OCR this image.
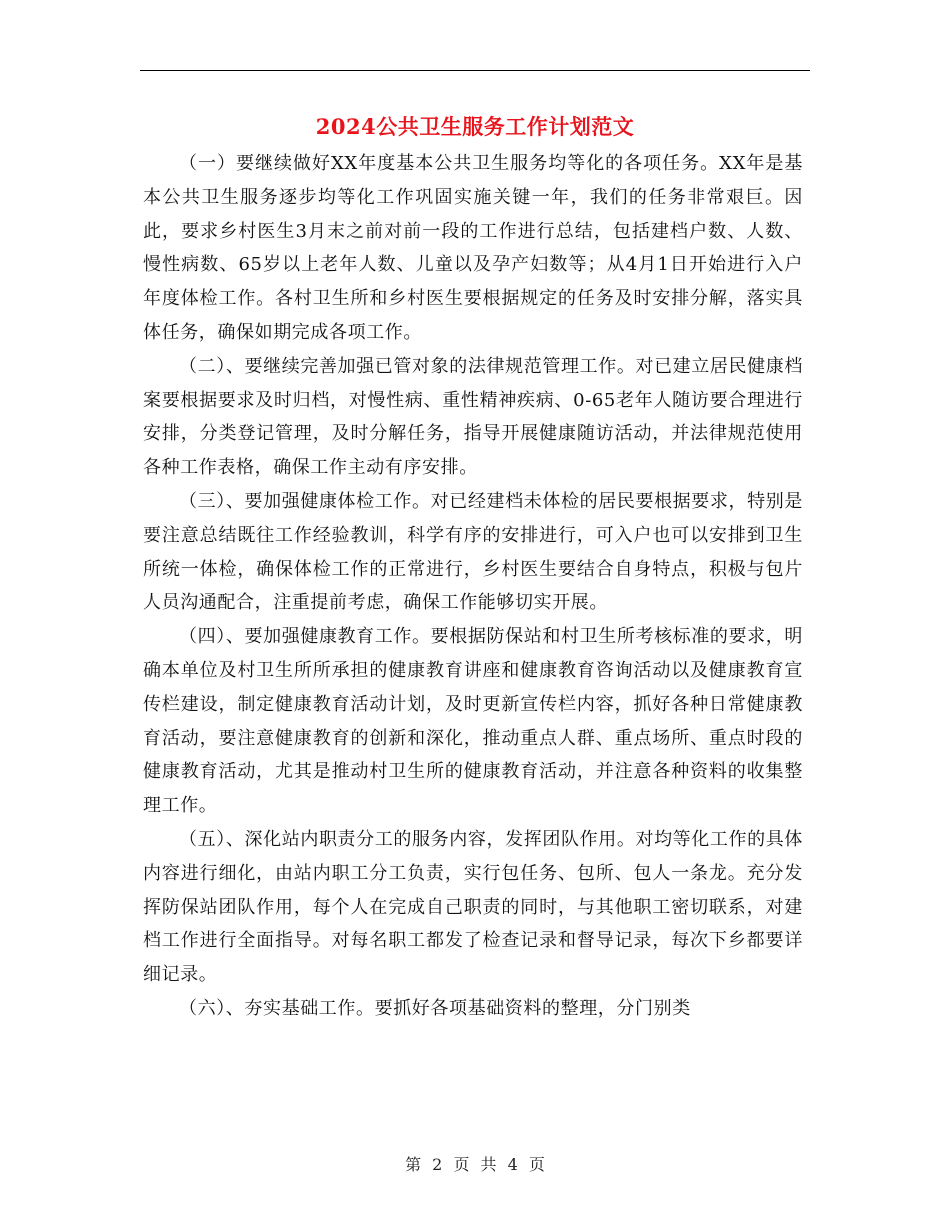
2024公共卫生服务工作计划范文

（一）要继续做好XX年度基本公共卫生服务均等化的各项任务。XX年是基本公共卫生服务逐步均等化工作巩固实施关键一年，我们的任务非常艰巨。因此，要求乡村医生3月末之前对前一段的工作进行总结，包括建档户数、人数、慢性病数、65岁以上老年人数、儿童以及孕产妇数等；从4月1日开始进行入户年度体检工作。各村卫生所和乡村医生要根据规定的任务及时安排分解，落实具体任务，确保如期完成各项工作。

（二）、要继续完善加强已管对象的法律规范管理工作。对已建立居民健康档案要根据要求及时归档，对慢性病、重性精神疾病、0-65老年人随访要合理进行安排，分类登记管理，及时分解任务，指导开展健康随访活动，并法律规范使用各种工作表格，确保工作主动有序安排。

（三）、要加强健康体检工作。对已经建档未体检的居民要根据要求，特别是要注意总结既往工作经验教训，科学有序的安排进行，可入户也可以安排到卫生所统一体检，确保体检工作的正常进行，乡村医生要结合自身特点，积极与包片人员沟通配合，注重提前考虑，确保工作能够切实开展。

（四）、要加强健康教育工作。要根据防保站和村卫生所考核标准的要求，明确本单位及村卫生所所承担的健康教育讲座和健康教育咨询活动以及健康教育宣传栏建设，制定健康教育活动计划，及时更新宣传栏内容，抓好各种日常健康教育活动，要注意健康教育的创新和深化，推动重点人群、重点场所、重点时段的健康教育活动，尤其是推动村卫生所的健康教育活动，并注意各种资料的收集整理工作。

（五）、深化站内职责分工的服务内容，发挥团队作用。对均等化工作的具体内容进行细化，由站内职工分工负责，实行包任务、包所、包人一条龙。充分发挥防保站团队作用，每个人在完成自己职责的同时，与其他职工密切联系，对建档工作进行全面指导。对每名职工都发了检查记录和督导记录，每次下乡都要详细记录。

（六）、夯实基础工作。要抓好各项基础资料的整理，分门别类

第 2 页 共 4 页
